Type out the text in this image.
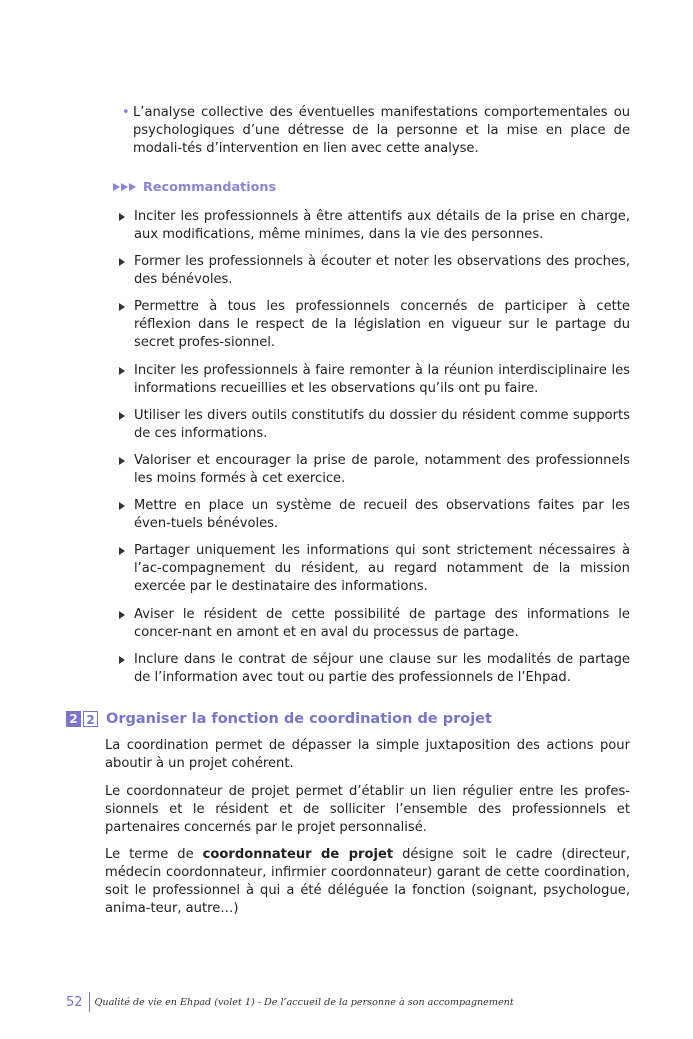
• L’analyse collective des éventuelles manifestations comportementales ou psychologiques d’une détresse de la personne et la mise en place de modali-tés d’intervention en lien avec cette analyse.
Recommandations
Inciter les professionnels à être attentifs aux détails de la prise en charge, aux modifications, même minimes, dans la vie des personnes.
Former les professionnels à écouter et noter les observations des proches, des bénévoles.
Permettre à tous les professionnels concernés de participer à cette réflexion dans le respect de la législation en vigueur sur le partage du secret profes-sionnel.
Inciter les professionnels à faire remonter à la réunion interdisciplinaire les informations recueillies et les observations qu’ils ont pu faire.
Utiliser les divers outils constitutifs du dossier du résident comme supports de ces informations.
Valoriser et encourager la prise de parole, notamment des professionnels les moins formés à cet exercice.
Mettre en place un système de recueil des observations faites par les éven-tuels bénévoles.
Partager uniquement les informations qui sont strictement nécessaires à l’ac-compagnement du résident, au regard notamment de la mission exercée par le destinataire des informations.
Aviser le résident de cette possibilité de partage des informations le concer-nant en amont et en aval du processus de partage.
Inclure dans le contrat de séjour une clause sur les modalités de partage de l’information avec tout ou partie des professionnels de l’Ehpad.
2 2 Organiser la fonction de coordination de projet

La coordination permet de dépasser la simple juxtaposition des actions pour aboutir à un projet cohérent.

Le coordonnateur de projet permet d’établir un lien régulier entre les profes-sionnels et le résident et de solliciter l’ensemble des professionnels et partenaires concernés par le projet personnalisé.

Le terme de coordonnateur de projet désigne soit le cadre (directeur, médecin coordonnateur, infirmier coordonnateur) garant de cette coordination, soit le professionnel à qui a été déléguée la fonction (soignant, psychologue, anima-teur, autre…)

52 Qualité de vie en Ehpad (volet 1) - De l’accueil de la personne à son accompagnement
